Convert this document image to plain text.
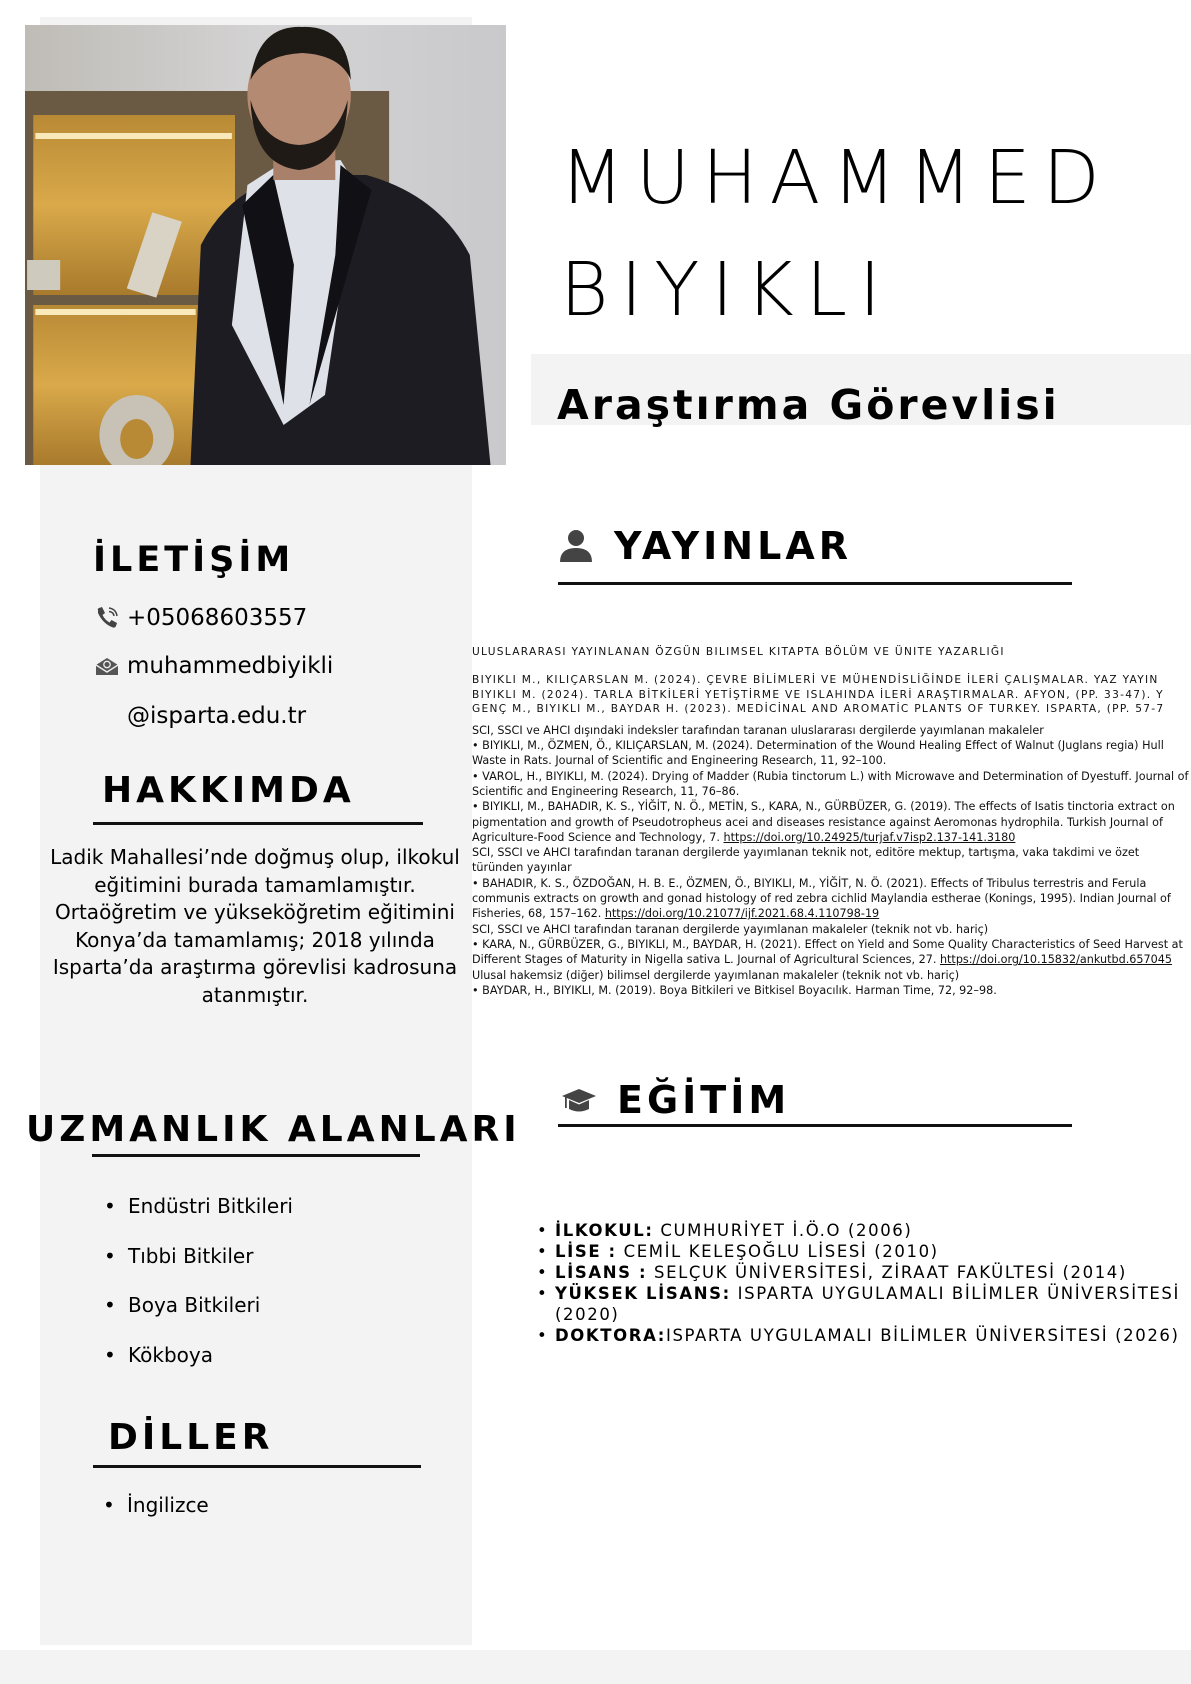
MUHAMMED
BIYIKLI
Araştırma Görevlisi
İLETİŞİM
+05068603557
muhammedbiyikli
@isparta.edu.tr
HAKKIMDA
Ladik Mahallesi’nde doğmuş olup, ilkokul eğitimini burada tamamlamıştır. Ortaöğretim ve yükseköğretim eğitimini Konya’da tamamlamış; 2018 yılında Isparta’da araştırma görevlisi kadrosuna atanmıştır.
UZMANLIK ALANLARI
• Endüstri Bitkileri
• Tıbbi Bitkiler
• Boya Bitkileri
• Kökboya
DİLLER
• İngilizce
YAYINLAR
ULUSLARARASI YAYINLANAN ÖZGÜN BILIMSEL KITAPTA BÖLÜM VE ÜNITE YAZARLIĞI
BIYIKLI M., KILIÇARSLAN M. (2024). ÇEVRE BİLİMLERİ VE MÜHENDİSLİĞİNDE İLERİ ÇALIŞMALAR. YAZ YAYIN
BIYIKLI M. (2024). TARLA BİTKİLERİ YETİŞTİRME VE ISLAHINDA İLERİ ARAŞTIRMALAR. AFYON, (PP. 33-47). Y
GENÇ M., BIYIKLI M., BAYDAR H. (2023). MEDİCİNAL AND AROMATİC PLANTS OF TURKEY. ISPARTA, (PP. 57-7

SCI, SSCI ve AHCI dışındaki indeksler tarafından taranan uluslararası dergilerde yayımlanan makaleler

• BIYIKLI, M., ÖZMEN, Ö., KILIÇARSLAN, M. (2024). Determination of the Wound Healing Effect of Walnut (Juglans regia) Hull Waste in Rats. Journal of Scientific and Engineering Research, 11, 92–100.

• VAROL, H., BIYIKLI, M. (2024). Drying of Madder (Rubia tinctorum L.) with Microwave and Determination of Dyestuff. Journal of Scientific and Engineering Research, 11, 76–86.

• BIYIKLI, M., BAHADIR, K. S., YİĞİT, N. Ö., METİN, S., KARA, N., GÜRBÜZER, G. (2019). The effects of Isatis tinctoria extract on pigmentation and growth of Pseudotropheus acei and diseases resistance against Aeromonas hydrophila. Turkish Journal of Agriculture-Food Science and Technology, 7. https://doi.org/10.24925/turjaf.v7isp2.137-141.3180

SCI, SSCI ve AHCI tarafından taranan dergilerde yayımlanan teknik not, editöre mektup, tartışma, vaka takdimi ve özet türünden yayınlar

• BAHADIR, K. S., ÖZDOĞAN, H. B. E., ÖZMEN, Ö., BIYIKLI, M., YİĞİT, N. Ö. (2021). Effects of Tribulus terrestris and Ferula communis extracts on growth and gonad histology of red zebra cichlid Maylandia estherae (Konings, 1995). Indian Journal of Fisheries, 68, 157–162. https://doi.org/10.21077/ijf.2021.68.4.110798-19

SCI, SSCI ve AHCI tarafından taranan dergilerde yayımlanan makaleler (teknik not vb. hariç)

• KARA, N., GÜRBÜZER, G., BIYIKLI, M., BAYDAR, H. (2021). Effect on Yield and Some Quality Characteristics of Seed Harvest at Different Stages of Maturity in Nigella sativa L. Journal of Agricultural Sciences, 27. https://doi.org/10.15832/ankutbd.657045

Ulusal hakemsiz (diğer) bilimsel dergilerde yayımlanan makaleler (teknik not vb. hariç)

• BAYDAR, H., BIYIKLI, M. (2019). Boya Bitkileri ve Bitkisel Boyacılık. Harman Time, 72, 92–98.

EĞİTİM
• İLKOKUL: CUMHURİYET İ.Ö.O (2006)
• LİSE : CEMİL KELEŞOĞLU LİSESİ (2010)
• LİSANS : SELÇUK ÜNİVERSİTESİ, ZİRAAT FAKÜLTESİ (2014)
• YÜKSEK LİSANS: ISPARTA UYGULAMALI BİLİMLER ÜNİVERSİTESİ (2020)
• DOKTORA:ISPARTA UYGULAMALI BİLİMLER ÜNİVERSİTESİ (2026)
